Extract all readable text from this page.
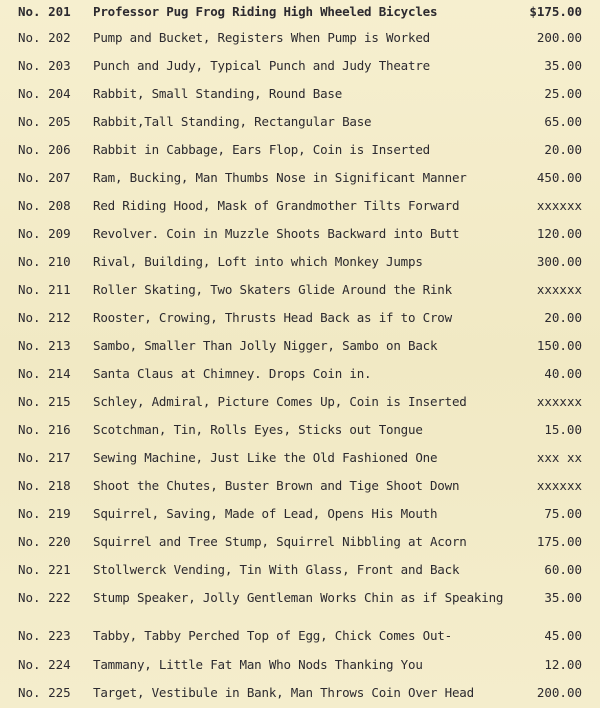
No. 201	Professor Pug Frog Riding High Wheeled Bicycles	$175.00
No. 202	Pump and Bucket, Registers When Pump is Worked	200.00
No. 203	Punch and Judy, Typical Punch and Judy Theatre	35.00
No. 204	Rabbit, Small Standing, Round Base	25.00
No. 205	Rabbit,Tall Standing, Rectangular Base	65.00
No. 206	Rabbit in Cabbage, Ears Flop, Coin is Inserted	20.00
No. 207	Ram, Bucking, Man Thumbs Nose in Significant Manner	450.00
No. 208	Red Riding Hood, Mask of Grandmother Tilts Forward	xxxxxx
No. 209	Revolver. Coin in Muzzle Shoots Backward into Butt	120.00
No. 210	Rival, Building, Loft into which Monkey Jumps	300.00
No. 211	Roller Skating, Two Skaters Glide Around the Rink	xxxxxx
No. 212	Rooster, Crowing, Thrusts Head Back as if to Crow	20.00
No. 213	Sambo, Smaller Than Jolly Nigger, Sambo on Back	150.00
No. 214	Santa Claus at Chimney. Drops Coin in.	40.00
No. 215	Schley, Admiral, Picture Comes Up, Coin is Inserted	xxxxxx
No. 216	Scotchman, Tin, Rolls Eyes, Sticks out Tongue	15.00
No. 217	Sewing Machine, Just Like the Old Fashioned One	xxx xx
No. 218	Shoot the Chutes, Buster Brown and Tige Shoot Down	xxxxxx
No. 219	Squirrel, Saving, Made of Lead, Opens His Mouth	75.00
No. 220	Squirrel and Tree Stump, Squirrel Nibbling at Acorn	175.00
No. 221	Stollwerck Vending, Tin With Glass, Front and Back	60.00
No. 222	Stump Speaker, Jolly Gentleman Works Chin as if Speaking	35.00
No. 223	Tabby, Tabby Perched Top of Egg, Chick Comes Out-	45.00
No. 224	Tammany, Little Fat Man Who Nods Thanking You	12.00
No. 225	Target, Vestibule in Bank, Man Throws Coin Over Head	200.00
